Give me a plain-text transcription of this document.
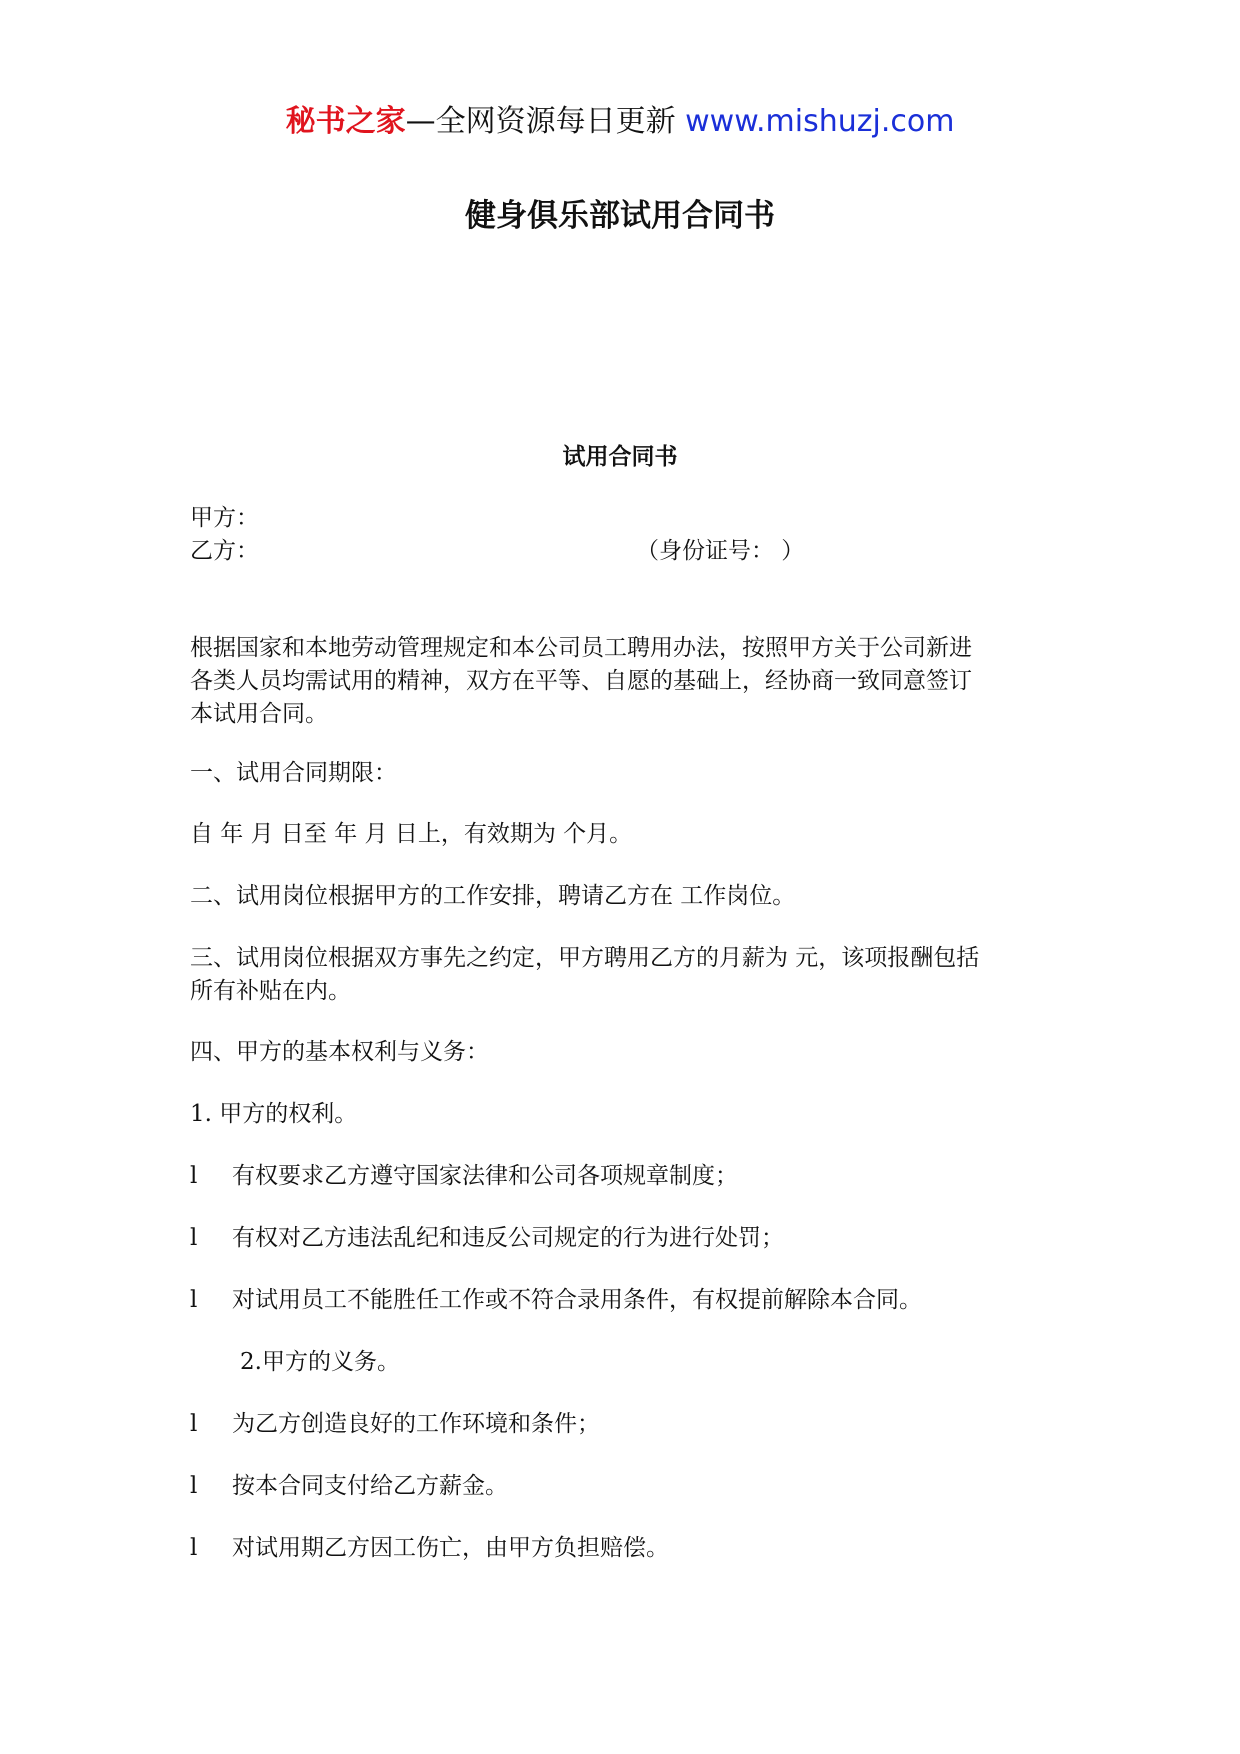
秘书之家—全网资源每日更新 www.mishuzj.com
健身俱乐部试用合同书
试用合同书
甲方：
乙方：	（身份证号： ）
根据国家和本地劳动管理规定和本公司员工聘用办法，按照甲方关于公司新进
各类人员均需试用的精神，双方在平等、自愿的基础上，经协商一致同意签订
本试用合同。
一、试用合同期限：
自 年 月 日至 年 月 日上，有效期为 个月。
二、试用岗位根据甲方的工作安排，聘请乙方在 工作岗位。
三、试用岗位根据双方事先之约定，甲方聘用乙方的月薪为 元，该项报酬包括
所有补贴在内。
四、甲方的基本权利与义务：
1. 甲方的权利。
l 有权要求乙方遵守国家法律和公司各项规章制度；
l 有权对乙方违法乱纪和违反公司规定的行为进行处罚；
l 对试用员工不能胜任工作或不符合录用条件，有权提前解除本合同。
2.甲方的义务。
l 为乙方创造良好的工作环境和条件；
l 按本合同支付给乙方薪金。
l 对试用期乙方因工伤亡，由甲方负担赔偿。
